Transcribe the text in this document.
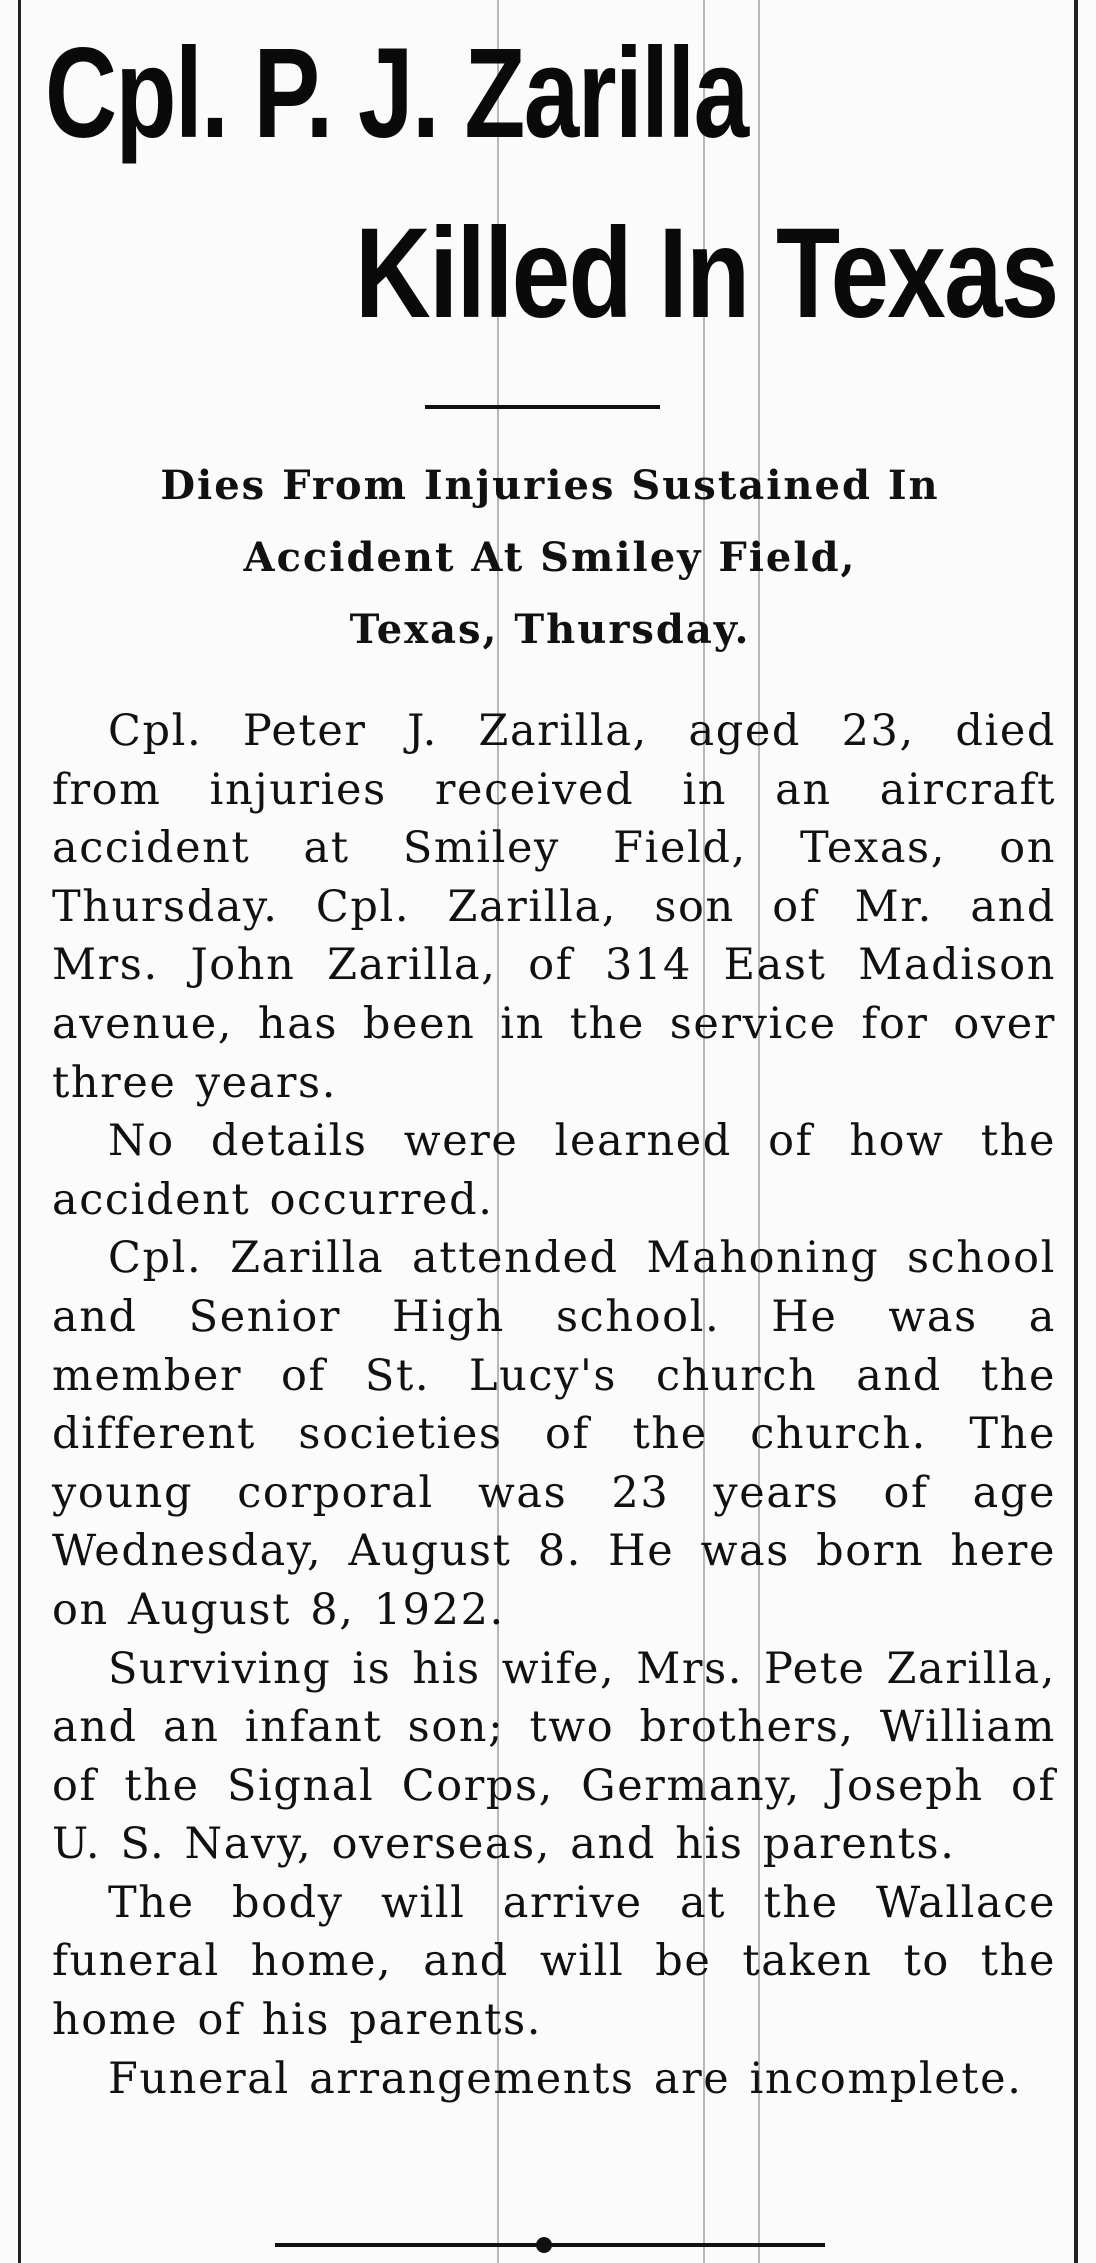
Cpl. P. J. Zarilla
Killed In Texas
Dies From Injuries Sustained In
Accident At Smiley Field,
Texas, Thursday.

Cpl. Peter J. Zarilla, aged 23, died from injuries received in an aircraft accident at Smiley Field, Texas, on Thursday. Cpl. Zarilla, son of Mr. and Mrs. John Zarilla, of 314 East Madison avenue, has been in the service for over three years.

No details were learned of how the accident occurred.

Cpl. Zarilla attended Mahoning school and Senior High school. He was a member of St. Lucy's church and the different societies of the church. The young corporal was 23 years of age Wednesday, August 8. He was born here on August 8, 1922.

Surviving is his wife, Mrs. Pete Zarilla, and an infant son; two brothers, William of the Signal Corps, Germany, Joseph of U. S. Navy, overseas, and his parents.

The body will arrive at the Wallace funeral home, and will be taken to the home of his parents.

Funeral arrangements are incomplete.
